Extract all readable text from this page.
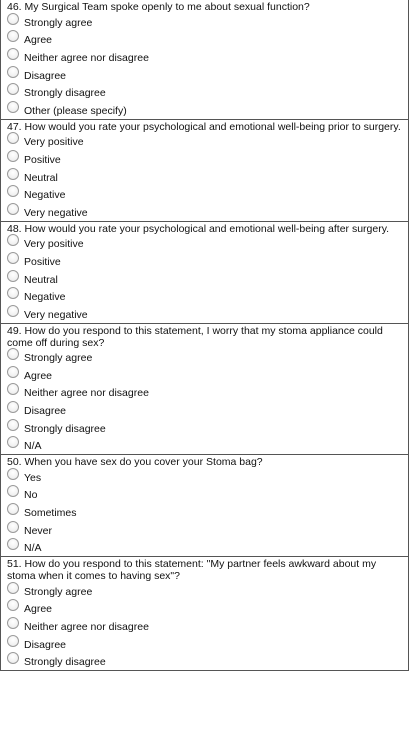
46. My Surgical Team spoke openly to me about sexual function?

Strongly agree
Agree
Neither agree nor disagree
Disagree
Strongly disagree
Other (please specify)

47. How would you rate your psychological and emotional well-being prior to surgery.

Very positive
Positive
Neutral
Negative
Very negative

48. How would you rate your psychological and emotional well-being after surgery.

Very positive
Positive
Neutral
Negative
Very negative

49. How do you respond to this statement, I worry that my stoma appliance could come off during sex?

Strongly agree
Agree
Neither agree nor disagree
Disagree
Strongly disagree
N/A

50. When you have sex do you cover your Stoma bag?

Yes
No
Sometimes
Never
N/A

51. How do you respond to this statement: "My partner feels awkward about my stoma when it comes to having sex"?

Strongly agree
Agree
Neither agree nor disagree
Disagree
Strongly disagree
